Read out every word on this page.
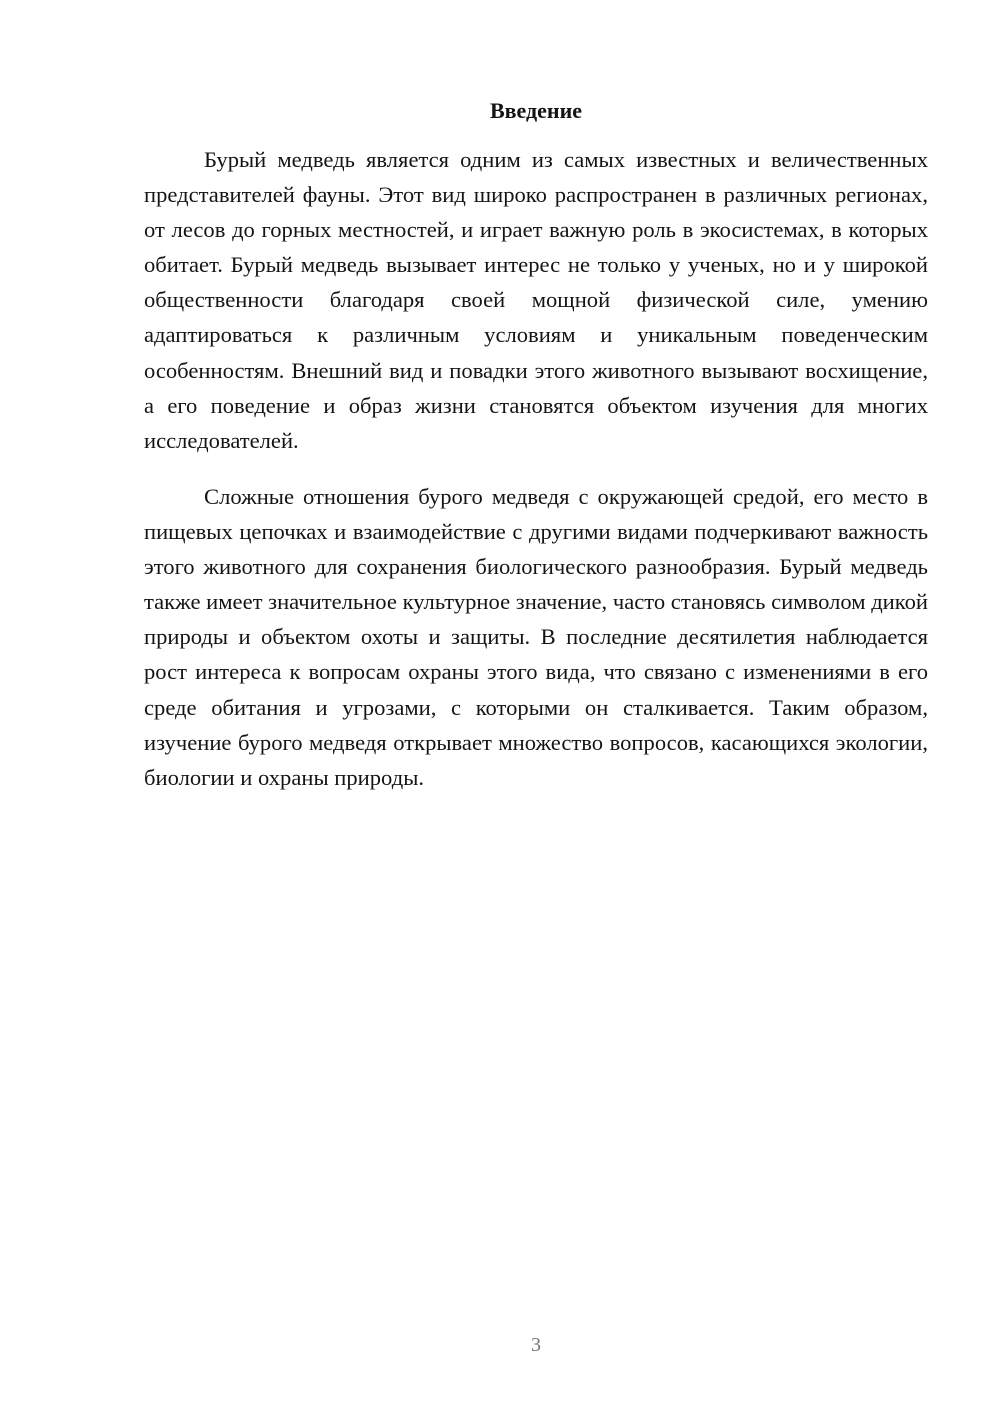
Введение

Бурый медведь является одним из самых известных и величественных представителей фауны. Этот вид широко распространен в различных регионах, от лесов до горных местностей, и играет важную роль в экосистемах, в которых обитает. Бурый медведь вызывает интерес не только у ученых, но и у широкой общественности благодаря своей мощной физической силе, умению адаптироваться к различным условиям и уникальным поведенческим особенностям. Внешний вид и повадки этого животного вызывают восхищение, а его поведение и образ жизни становятся объектом изучения для многих исследователей.

Сложные отношения бурого медведя с окружающей средой, его место в пищевых цепочках и взаимодействие с другими видами подчеркивают важность этого животного для сохранения биологического разнообразия. Бурый медведь также имеет значительное культурное значение, часто становясь символом дикой природы и объектом охоты и защиты. В последние десятилетия наблюдается рост интереса к вопросам охраны этого вида, что связано с изменениями в его среде обитания и угрозами, с которыми он сталкивается. Таким образом, изучение бурого медведя открывает множество вопросов, касающихся экологии, биологии и охраны природы.

3
